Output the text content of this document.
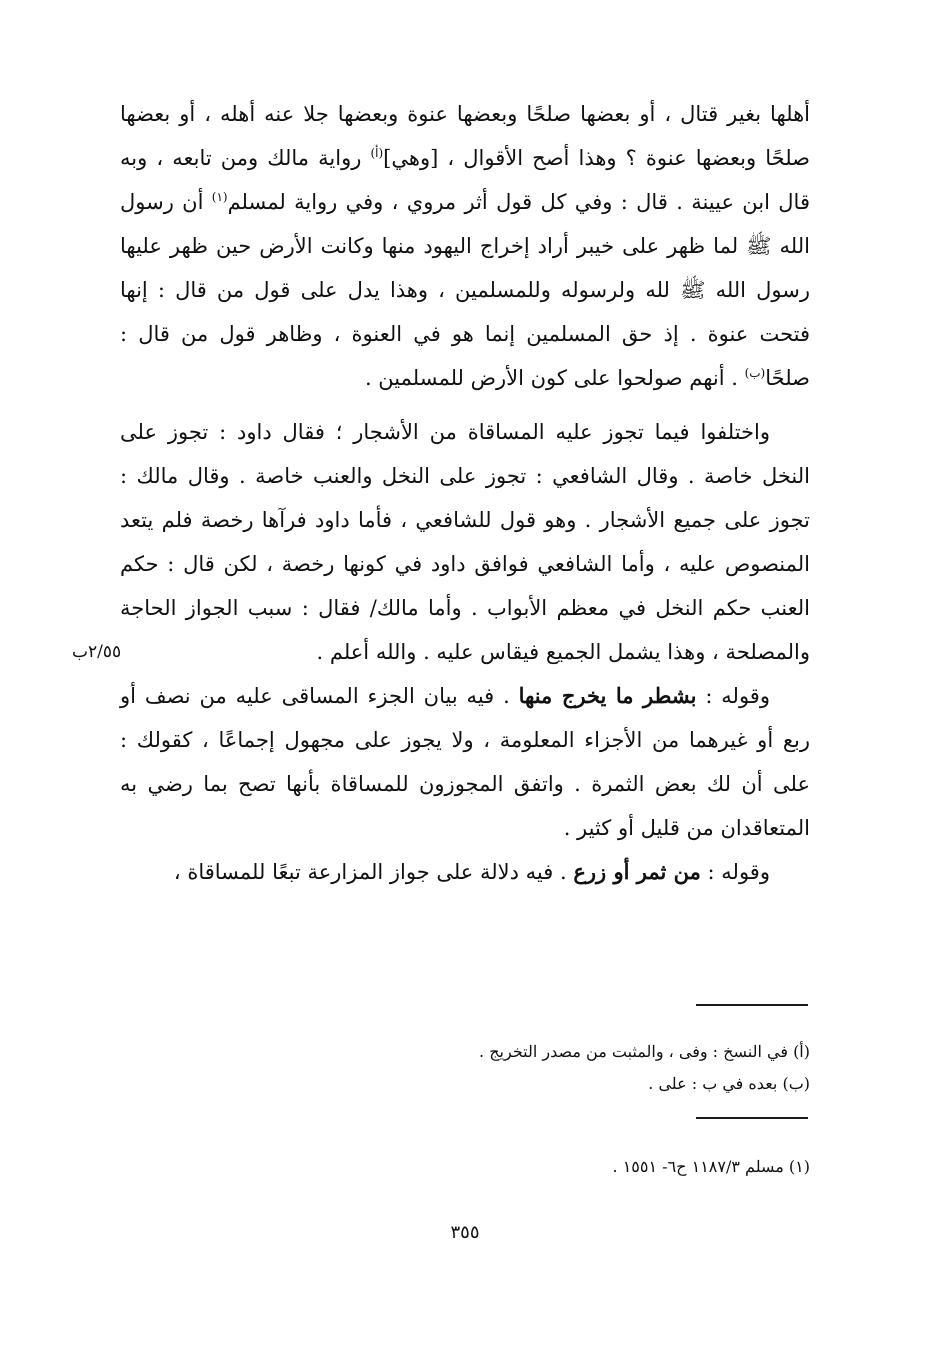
أهلها بغير قتال ، أو بعضها صلحًا وبعضها عنوة وبعضها جلا عنه أهله ، أو بعضها صلحًا وبعضها عنوة ؟ وهذا أصح الأقوال ، [وهي]$^{(أ)}$ رواية مالك ومن تابعه ، وبه قال ابن عيينة . قال : وفي كل قول أثر مروي ، وفي رواية لمسلم$^{(١)}$ أن رسول الله ﷺ لما ظهر على خيبر أراد إخراج اليهود منها وكانت الأرض حين ظهر عليها رسول الله ﷺ لله ولرسوله وللمسلمين ، وهذا يدل على قول من قال : إنها فتحت عنوة . إذ حق المسلمين إنما هو في العنوة ، وظاهر قول من قال : صلحًا$^{(ب)}$ . أنهم صولحوا على كون الأرض للمسلمين .

واختلفوا فيما تجوز عليه المساقاة من الأشجار ؛ فقال داود : تجوز على النخل خاصة . وقال الشافعي : تجوز على النخل والعنب خاصة . وقال مالك : تجوز على جميع الأشجار . وهو قول للشافعي ، فأما داود فرآها رخصة فلم يتعد المنصوص عليه ، وأما الشافعي فوافق داود في كونها رخصة ، لكن قال : حكم العنب حكم النخل في معظم الأبواب . وأما مالك/ فقال : سبب الجواز الحاجة والمصلحة ، وهذا يشمل الجميع فيقاس عليه . والله أعلم .

وقوله : بشطر ما يخرج منها . فيه بيان الجزء المساقى عليه من نصف أو ربع أو غيرهما من الأجزاء المعلومة ، ولا يجوز على مجهول إجماعًا ، كقولك : على أن لك بعض الثمرة . واتفق المجوزون للمساقاة بأنها تصح بما رضي به المتعاقدان من قليل أو كثير .

وقوله : من ثمر أو زرع . فيه دلالة على جواز المزارعة تبعًا للمساقاة ،

٢/٥٥ب
(أ) في النسخ : وفى ، والمثبت من مصدر التخريج .
(ب) بعده في ب : على .
(١) مسلم ١١٨٧/٣ ح٦- ١٥٥١ .
٣٥٥
